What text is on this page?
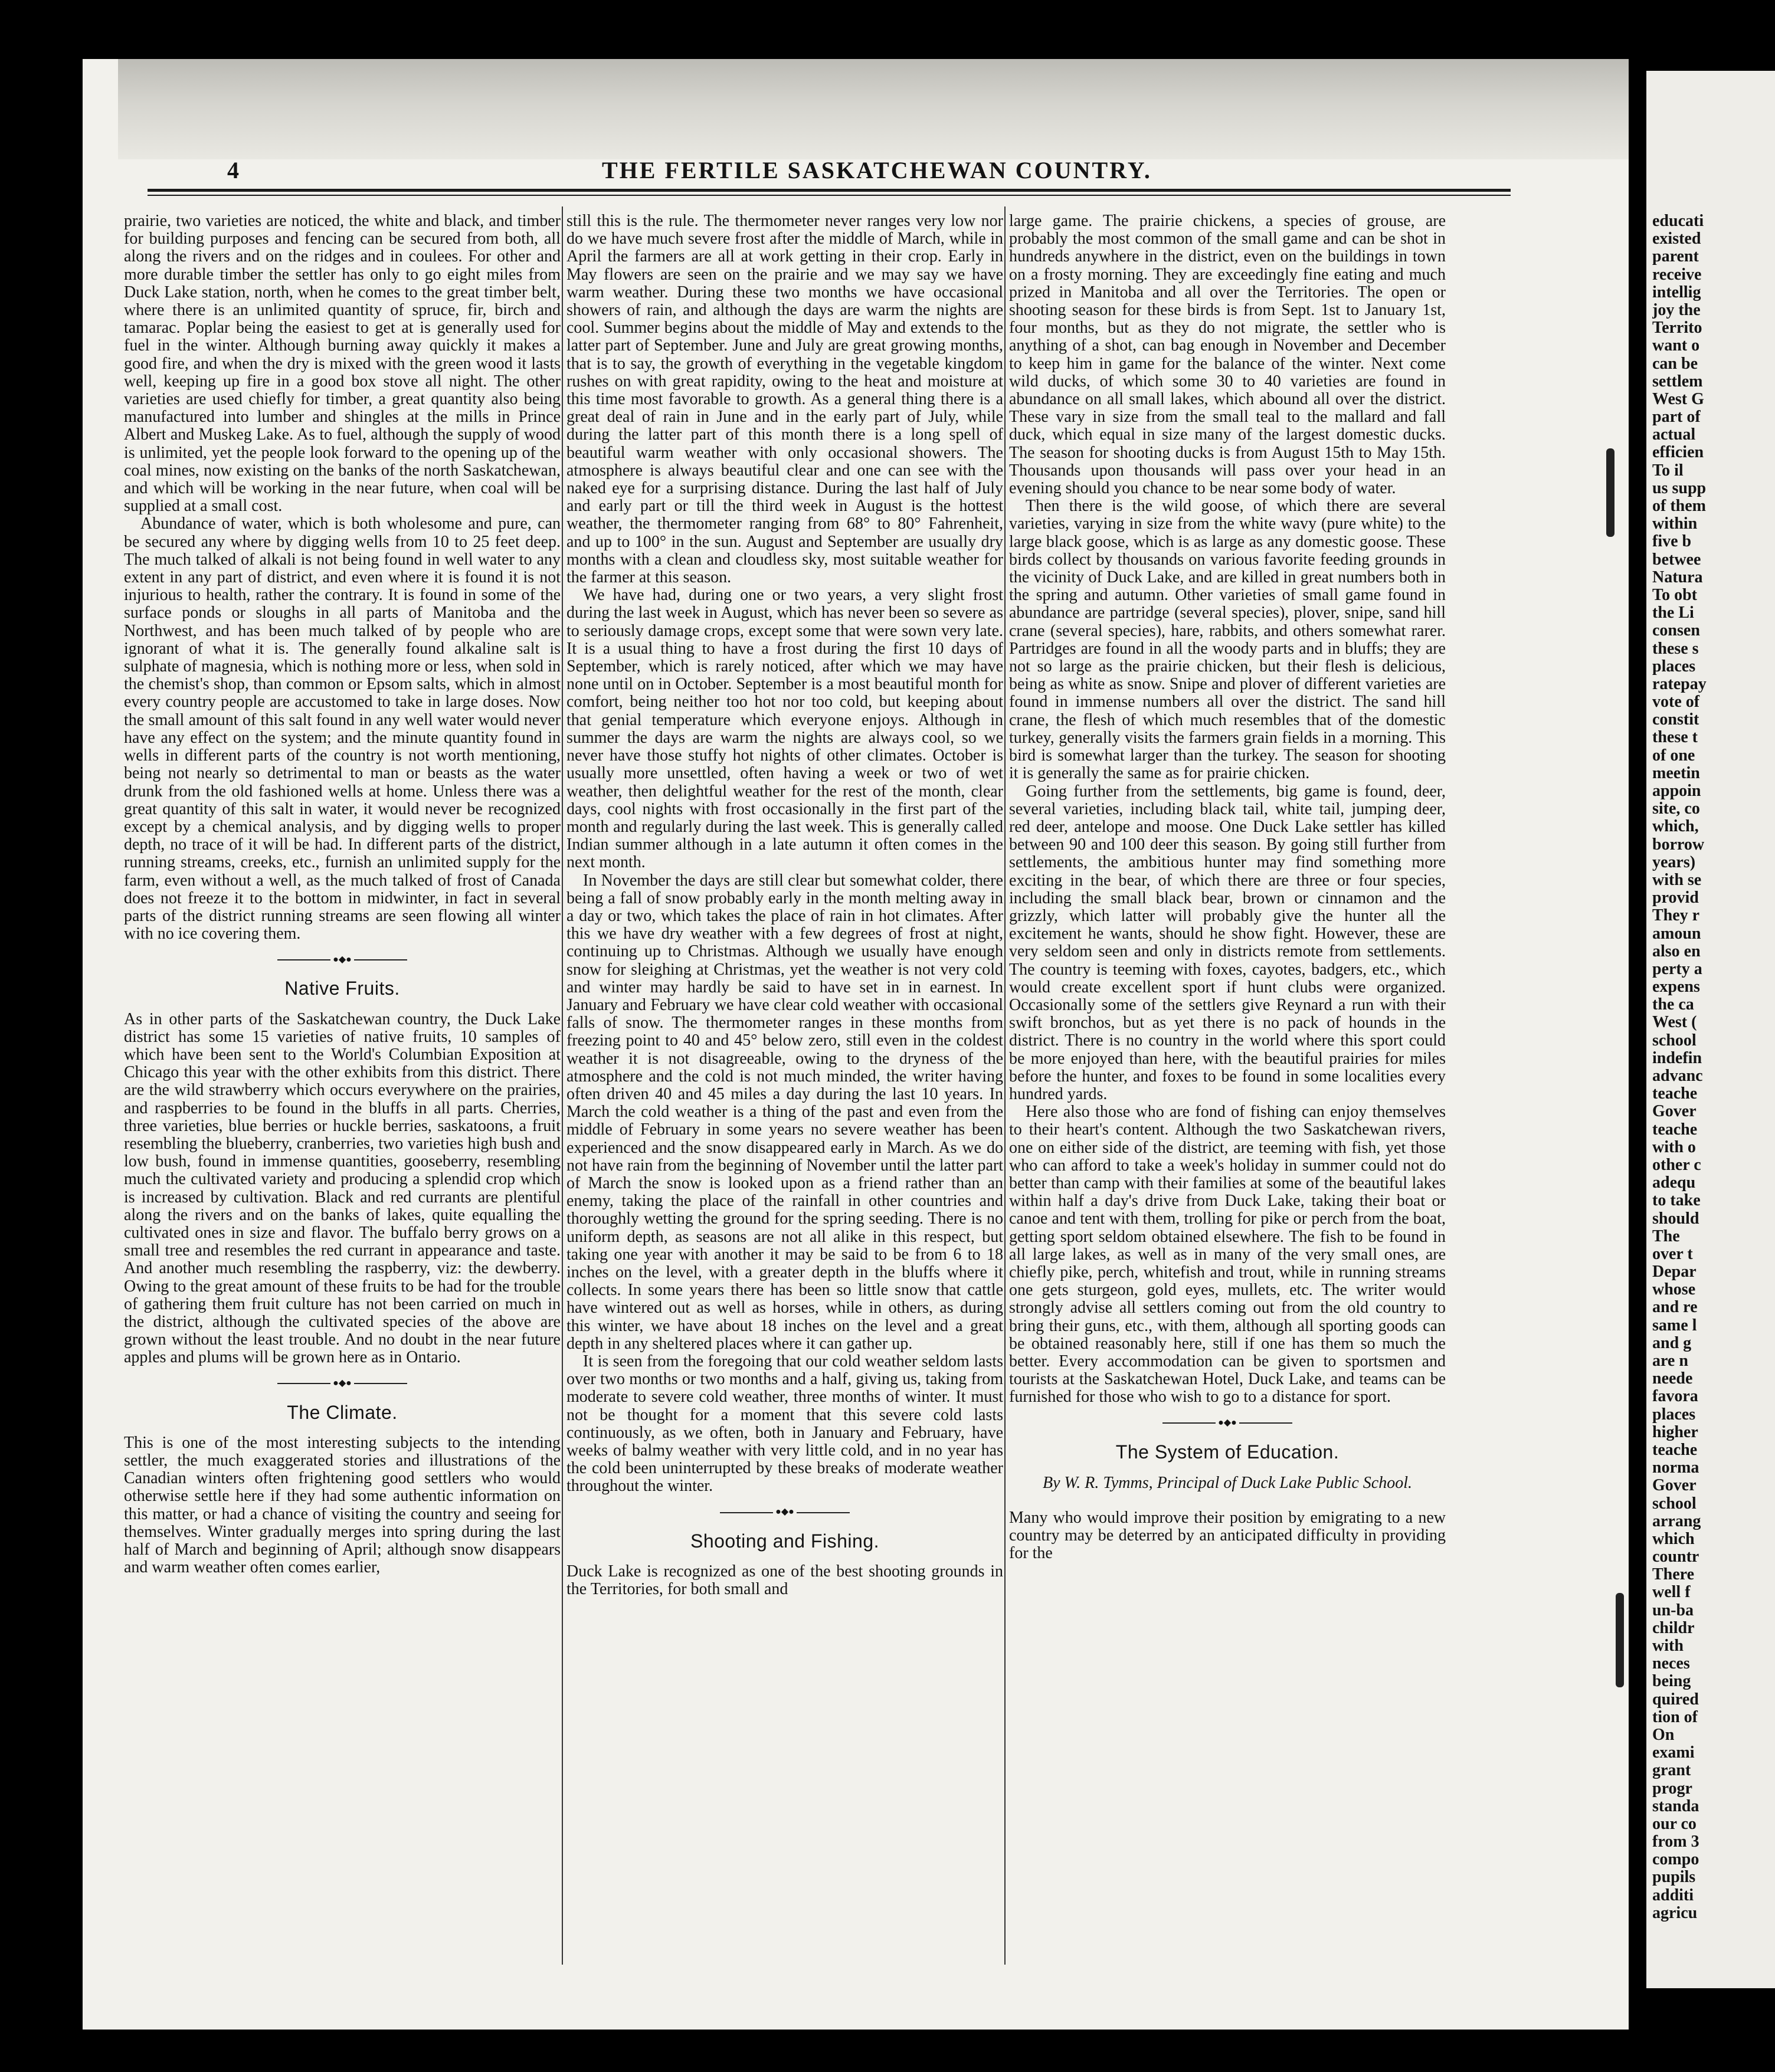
4	THE FERTILE SASKATCHEWAN COUNTRY.

prairie, two varieties are noticed, the white and black, and timber for building purposes and fencing can be secured from both, all along the rivers and on the ridges and in coulees. For other and more durable timber the settler has only to go eight miles from Duck Lake station, north, when he comes to the great timber belt, where there is an unlimited quantity of spruce, fir, birch and tamarac. Poplar being the easiest to get at is generally used for fuel in the winter. Although burning away quickly it makes a good fire, and when the dry is mixed with the green wood it lasts well, keeping up fire in a good box stove all night. The other varieties are used chiefly for timber, a great quantity also being manufactured into lumber and shingles at the mills in Prince Albert and Muskeg Lake. As to fuel, although the supply of wood is unlimited, yet the people look forward to the opening up of the coal mines, now existing on the banks of the north Saskatchewan, and which will be working in the near future, when coal will be supplied at a small cost.

Abundance of water, which is both wholesome and pure, can be secured any where by digging wells from 10 to 25 feet deep. The much talked of alkali is not being found in well water to any extent in any part of district, and even where it is found it is not injurious to health, rather the contrary. It is found in some of the surface ponds or sloughs in all parts of Manitoba and the Northwest, and has been much talked of by people who are ignorant of what it is. The generally found alkaline salt is sulphate of magnesia, which is nothing more or less, when sold in the chemist's shop, than common or Epsom salts, which in almost every country people are accustomed to take in large doses. Now the small amount of this salt found in any well water would never have any effect on the system; and the minute quantity found in wells in different parts of the country is not worth mentioning, being not nearly so detrimental to man or beasts as the water drunk from the old fashioned wells at home. Unless there was a great quantity of this salt in water, it would never be recognized except by a chemical analysis, and by digging wells to proper depth, no trace of it will be had. In different parts of the district, running streams, creeks, etc., furnish an unlimited supply for the farm, even without a well, as the much talked of frost of Canada does not freeze it to the bottom in midwinter, in fact in several parts of the district running streams are seen flowing all winter with no ice covering them.

●◆●
Native Fruits.

As in other parts of the Saskatchewan country, the Duck Lake district has some 15 varieties of native fruits, 10 samples of which have been sent to the World's Columbian Exposition at Chicago this year with the other exhibits from this district. There are the wild strawberry which occurs everywhere on the prairies, and raspberries to be found in the bluffs in all parts. Cherries, three varieties, blue berries or huckle berries, saskatoons, a fruit resembling the blueberry, cranberries, two varieties high bush and low bush, found in immense quantities, gooseberry, resembling much the cultivated variety and producing a splendid crop which is increased by cultivation. Black and red currants are plentiful along the rivers and on the banks of lakes, quite equalling the cultivated ones in size and flavor. The buffalo berry grows on a small tree and resembles the red currant in appearance and taste. And another much resembling the raspberry, viz: the dewberry. Owing to the great amount of these fruits to be had for the trouble of gathering them fruit culture has not been carried on much in the district, although the cultivated species of the above are grown without the least trouble. And no doubt in the near future apples and plums will be grown here as in Ontario.

●◆●
The Climate.

This is one of the most interesting subjects to the intending settler, the much exaggerated stories and illustrations of the Canadian winters often frightening good settlers who would otherwise settle here if they had some authentic information on this matter, or had a chance of visiting the country and seeing for themselves. Winter gradually merges into spring during the last half of March and beginning of April; although snow disappears and warm weather often comes earlier,

still this is the rule. The thermometer never ranges very low nor do we have much severe frost after the middle of March, while in April the farmers are all at work getting in their crop. Early in May flowers are seen on the prairie and we may say we have warm weather. During these two months we have occasional showers of rain, and although the days are warm the nights are cool. Summer begins about the middle of May and extends to the latter part of September. June and July are great growing months, that is to say, the growth of everything in the vegetable kingdom rushes on with great rapidity, owing to the heat and moisture at this time most favorable to growth. As a general thing there is a great deal of rain in June and in the early part of July, while during the latter part of this month there is a long spell of beautiful warm weather with only occasional showers. The atmosphere is always beautiful clear and one can see with the naked eye for a surprising distance. During the last half of July and early part or till the third week in August is the hottest weather, the thermometer ranging from 68° to 80° Fahrenheit, and up to 100° in the sun. August and September are usually dry months with a clean and cloudless sky, most suitable weather for the farmer at this season.

We have had, during one or two years, a very slight frost during the last week in August, which has never been so severe as to seriously damage crops, except some that were sown very late. It is a usual thing to have a frost during the first 10 days of September, which is rarely noticed, after which we may have none until on in October. September is a most beautiful month for comfort, being neither too hot nor too cold, but keeping about that genial temperature which everyone enjoys. Although in summer the days are warm the nights are always cool, so we never have those stuffy hot nights of other climates. October is usually more unsettled, often having a week or two of wet weather, then delightful weather for the rest of the month, clear days, cool nights with frost occasionally in the first part of the month and regularly during the last week. This is generally called Indian summer although in a late autumn it often comes in the next month.

In November the days are still clear but somewhat colder, there being a fall of snow probably early in the month melting away in a day or two, which takes the place of rain in hot climates. After this we have dry weather with a few degrees of frost at night, continuing up to Christmas. Although we usually have enough snow for sleighing at Christmas, yet the weather is not very cold and winter may hardly be said to have set in in earnest. In January and February we have clear cold weather with occasional falls of snow. The thermometer ranges in these months from freezing point to 40 and 45° below zero, still even in the coldest weather it is not disagreeable, owing to the dryness of the atmosphere and the cold is not much minded, the writer having often driven 40 and 45 miles a day during the last 10 years. In March the cold weather is a thing of the past and even from the middle of February in some years no severe weather has been experienced and the snow disappeared early in March. As we do not have rain from the beginning of November until the latter part of March the snow is looked upon as a friend rather than an enemy, taking the place of the rainfall in other countries and thoroughly wetting the ground for the spring seeding. There is no uniform depth, as seasons are not all alike in this respect, but taking one year with another it may be said to be from 6 to 18 inches on the level, with a greater depth in the bluffs where it collects. In some years there has been so little snow that cattle have wintered out as well as horses, while in others, as during this winter, we have about 18 inches on the level and a great depth in any sheltered places where it can gather up.

It is seen from the foregoing that our cold weather seldom lasts over two months or two months and a half, giving us, taking from moderate to severe cold weather, three months of winter. It must not be thought for a moment that this severe cold lasts continuously, as we often, both in January and February, have weeks of balmy weather with very little cold, and in no year has the cold been uninterrupted by these breaks of moderate weather throughout the winter.

●◆●
Shooting and Fishing.

Duck Lake is recognized as one of the best shooting grounds in the Territories, for both small and

large game. The prairie chickens, a species of grouse, are probably the most common of the small game and can be shot in hundreds anywhere in the district, even on the buildings in town on a frosty morning. They are exceedingly fine eating and much prized in Manitoba and all over the Territories. The open or shooting season for these birds is from Sept. 1st to January 1st, four months, but as they do not migrate, the settler who is anything of a shot, can bag enough in November and December to keep him in game for the balance of the winter. Next come wild ducks, of which some 30 to 40 varieties are found in abundance on all small lakes, which abound all over the district. These vary in size from the small teal to the mallard and fall duck, which equal in size many of the largest domestic ducks. The season for shooting ducks is from August 15th to May 15th. Thousands upon thousands will pass over your head in an evening should you chance to be near some body of water.

Then there is the wild goose, of which there are several varieties, varying in size from the white wavy (pure white) to the large black goose, which is as large as any domestic goose. These birds collect by thousands on various favorite feeding grounds in the vicinity of Duck Lake, and are killed in great numbers both in the spring and autumn. Other varieties of small game found in abundance are partridge (several species), plover, snipe, sand hill crane (several species), hare, rabbits, and others somewhat rarer. Partridges are found in all the woody parts and in bluffs; they are not so large as the prairie chicken, but their flesh is delicious, being as white as snow. Snipe and plover of different varieties are found in immense numbers all over the district. The sand hill crane, the flesh of which much resembles that of the domestic turkey, generally visits the farmers grain fields in a morning. This bird is somewhat larger than the turkey. The season for shooting it is generally the same as for prairie chicken.

Going further from the settlements, big game is found, deer, several varieties, including black tail, white tail, jumping deer, red deer, antelope and moose. One Duck Lake settler has killed between 90 and 100 deer this season. By going still further from settlements, the ambitious hunter may find something more exciting in the bear, of which there are three or four species, including the small black bear, brown or cinnamon and the grizzly, which latter will probably give the hunter all the excitement he wants, should he show fight. However, these are very seldom seen and only in districts remote from settlements. The country is teeming with foxes, cayotes, badgers, etc., which would create excellent sport if hunt clubs were organized. Occasionally some of the settlers give Reynard a run with their swift bronchos, but as yet there is no pack of hounds in the district. There is no country in the world where this sport could be more enjoyed than here, with the beautiful prairies for miles before the hunter, and foxes to be found in some localities every hundred yards.

Here also those who are fond of fishing can enjoy themselves to their heart's content. Although the two Saskatchewan rivers, one on either side of the district, are teeming with fish, yet those who can afford to take a week's holiday in summer could not do better than camp with their families at some of the beautiful lakes within half a day's drive from Duck Lake, taking their boat or canoe and tent with them, trolling for pike or perch from the boat, getting sport seldom obtained elsewhere. The fish to be found in all large lakes, as well as in many of the very small ones, are chiefly pike, perch, whitefish and trout, while in running streams one gets sturgeon, gold eyes, mullets, etc. The writer would strongly advise all settlers coming out from the old country to bring their guns, etc., with them, although all sporting goods can be obtained reasonably here, still if one has them so much the better. Every accommodation can be given to sportsmen and tourists at the Saskatchewan Hotel, Duck Lake, and teams can be furnished for those who wish to go to a distance for sport.

●◆●
The System of Education.
By W. R. Tymms, Principal of Duck Lake Public School.

Many who would improve their position by emigrating to a new country may be deterred by an anticipated difficulty in providing for the

educati
existed
parent
receive
intellig
joy the
Territo
want o
can be
settlem
West G
part of
actual
efficien
To il
us supp
of them
within
five b
betwee
Natura
To obt
the Li
consen
these s
places
ratepay
vote of
constit
these t
of one
meetin
appoin
site, co
which,
borrow
years)
with se
provid
They r
amoun
also en
perty a
expens
the ca
West (
school
indefin
advanc
teache
Gover
teache
with o
other c
adequ
to take
should
The
over t
Depar
whose
and re
same l
and g
are n
neede
favora
places
higher
teache
norma
Gover
school
arrang
which
countr
There
well f
un-ba
childr
with
neces
being
quired
tion of
On
exami
grant
progr
standa
our co
from 3
compo
pupils
additi
agricu
